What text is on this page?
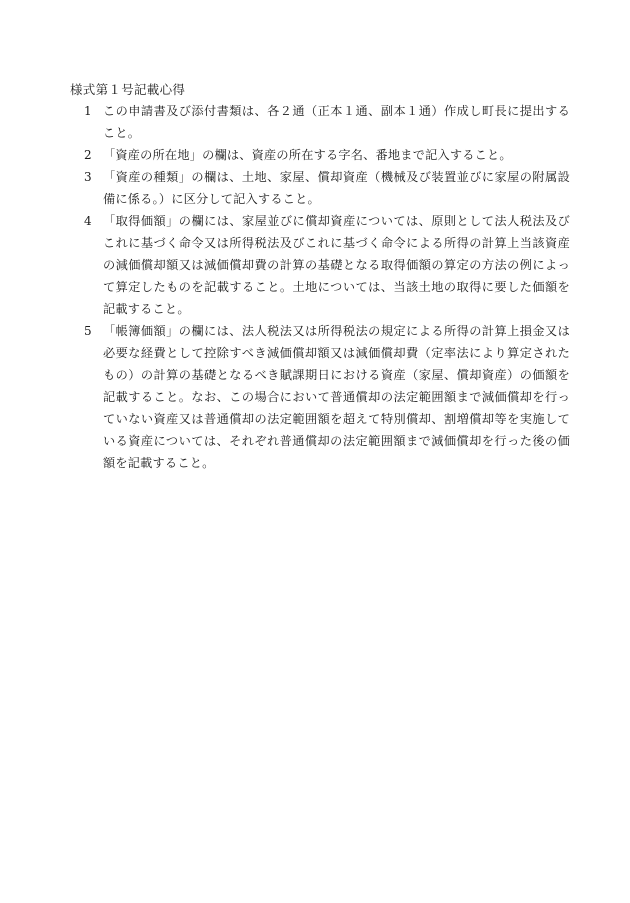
様式第１号記載心得
1 この申請書及び添付書類は、各２通（正本１通、副本１通）作成し町長に提出すること。
2 「資産の所在地」の欄は、資産の所在する字名、番地まで記入すること。
3 「資産の種類」の欄は、土地、家屋、償却資産（機械及び装置並びに家屋の附属設備に係る。）に区分して記入すること。
4 「取得価額」の欄には、家屋並びに償却資産については、原則として法人税法及びこれに基づく命令又は所得税法及びこれに基づく命令による所得の計算上当該資産の減価償却額又は減価償却費の計算の基礎となる取得価額の算定の方法の例によって算定したものを記載すること。土地については、当該土地の取得に要した価額を記載すること。
5 「帳簿価額」の欄には、法人税法又は所得税法の規定による所得の計算上損金又は必要な経費として控除すべき減価償却額又は減価償却費（定率法により算定されたもの）の計算の基礎となるべき賦課期日における資産（家屋、償却資産）の価額を記載すること。なお、この場合において普通償却の法定範囲額まで減価償却を行っていない資産又は普通償却の法定範囲額を超えて特別償却、割増償却等を実施している資産については、それぞれ普通償却の法定範囲額まで減価償却を行った後の価額を記載すること。
